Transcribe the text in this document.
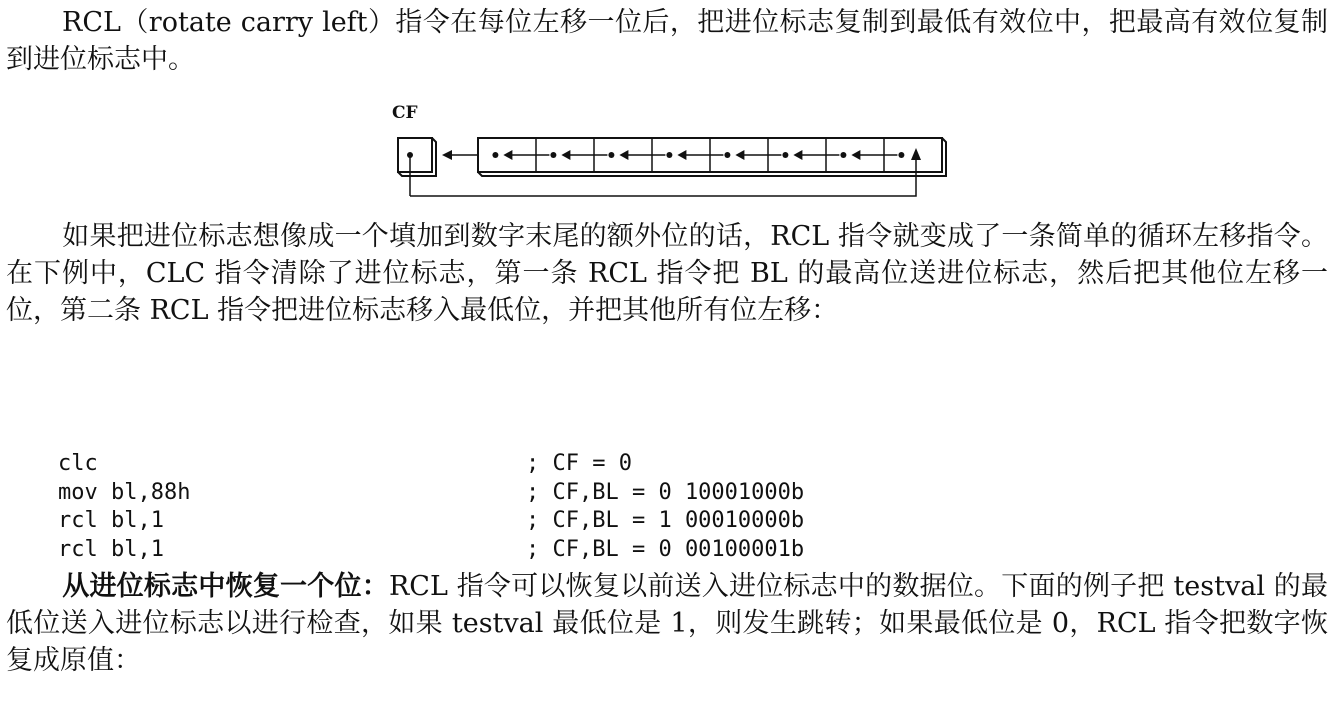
RCL（rotate carry left）指令在每位左移一位后，把进位标志复制到最低有效位中，把最高有效位复制到进位标志中。

CF

如果把进位标志想像成一个填加到数字末尾的额外位的话，RCL 指令就变成了一条简单的循环左移指令。在下例中，CLC 指令清除了进位标志，第一条 RCL 指令把 BL 的最高位送进位标志，然后把其他位左移一位，第二条 RCL 指令把进位标志移入最低位，并把其他所有位左移：

clc	; CF = 0
mov bl,88h	; CF,BL = 0 10001000b
rcl bl,1	; CF,BL = 1 00010000b
rcl bl,1	; CF,BL = 0 00100001b

从进位标志中恢复一个位：RCL 指令可以恢复以前送入进位标志中的数据位。下面的例子把 testval 的最低位送入进位标志以进行检查，如果 testval 最低位是 1，则发生跳转；如果最低位是 0，RCL 指令把数字恢复成原值：
